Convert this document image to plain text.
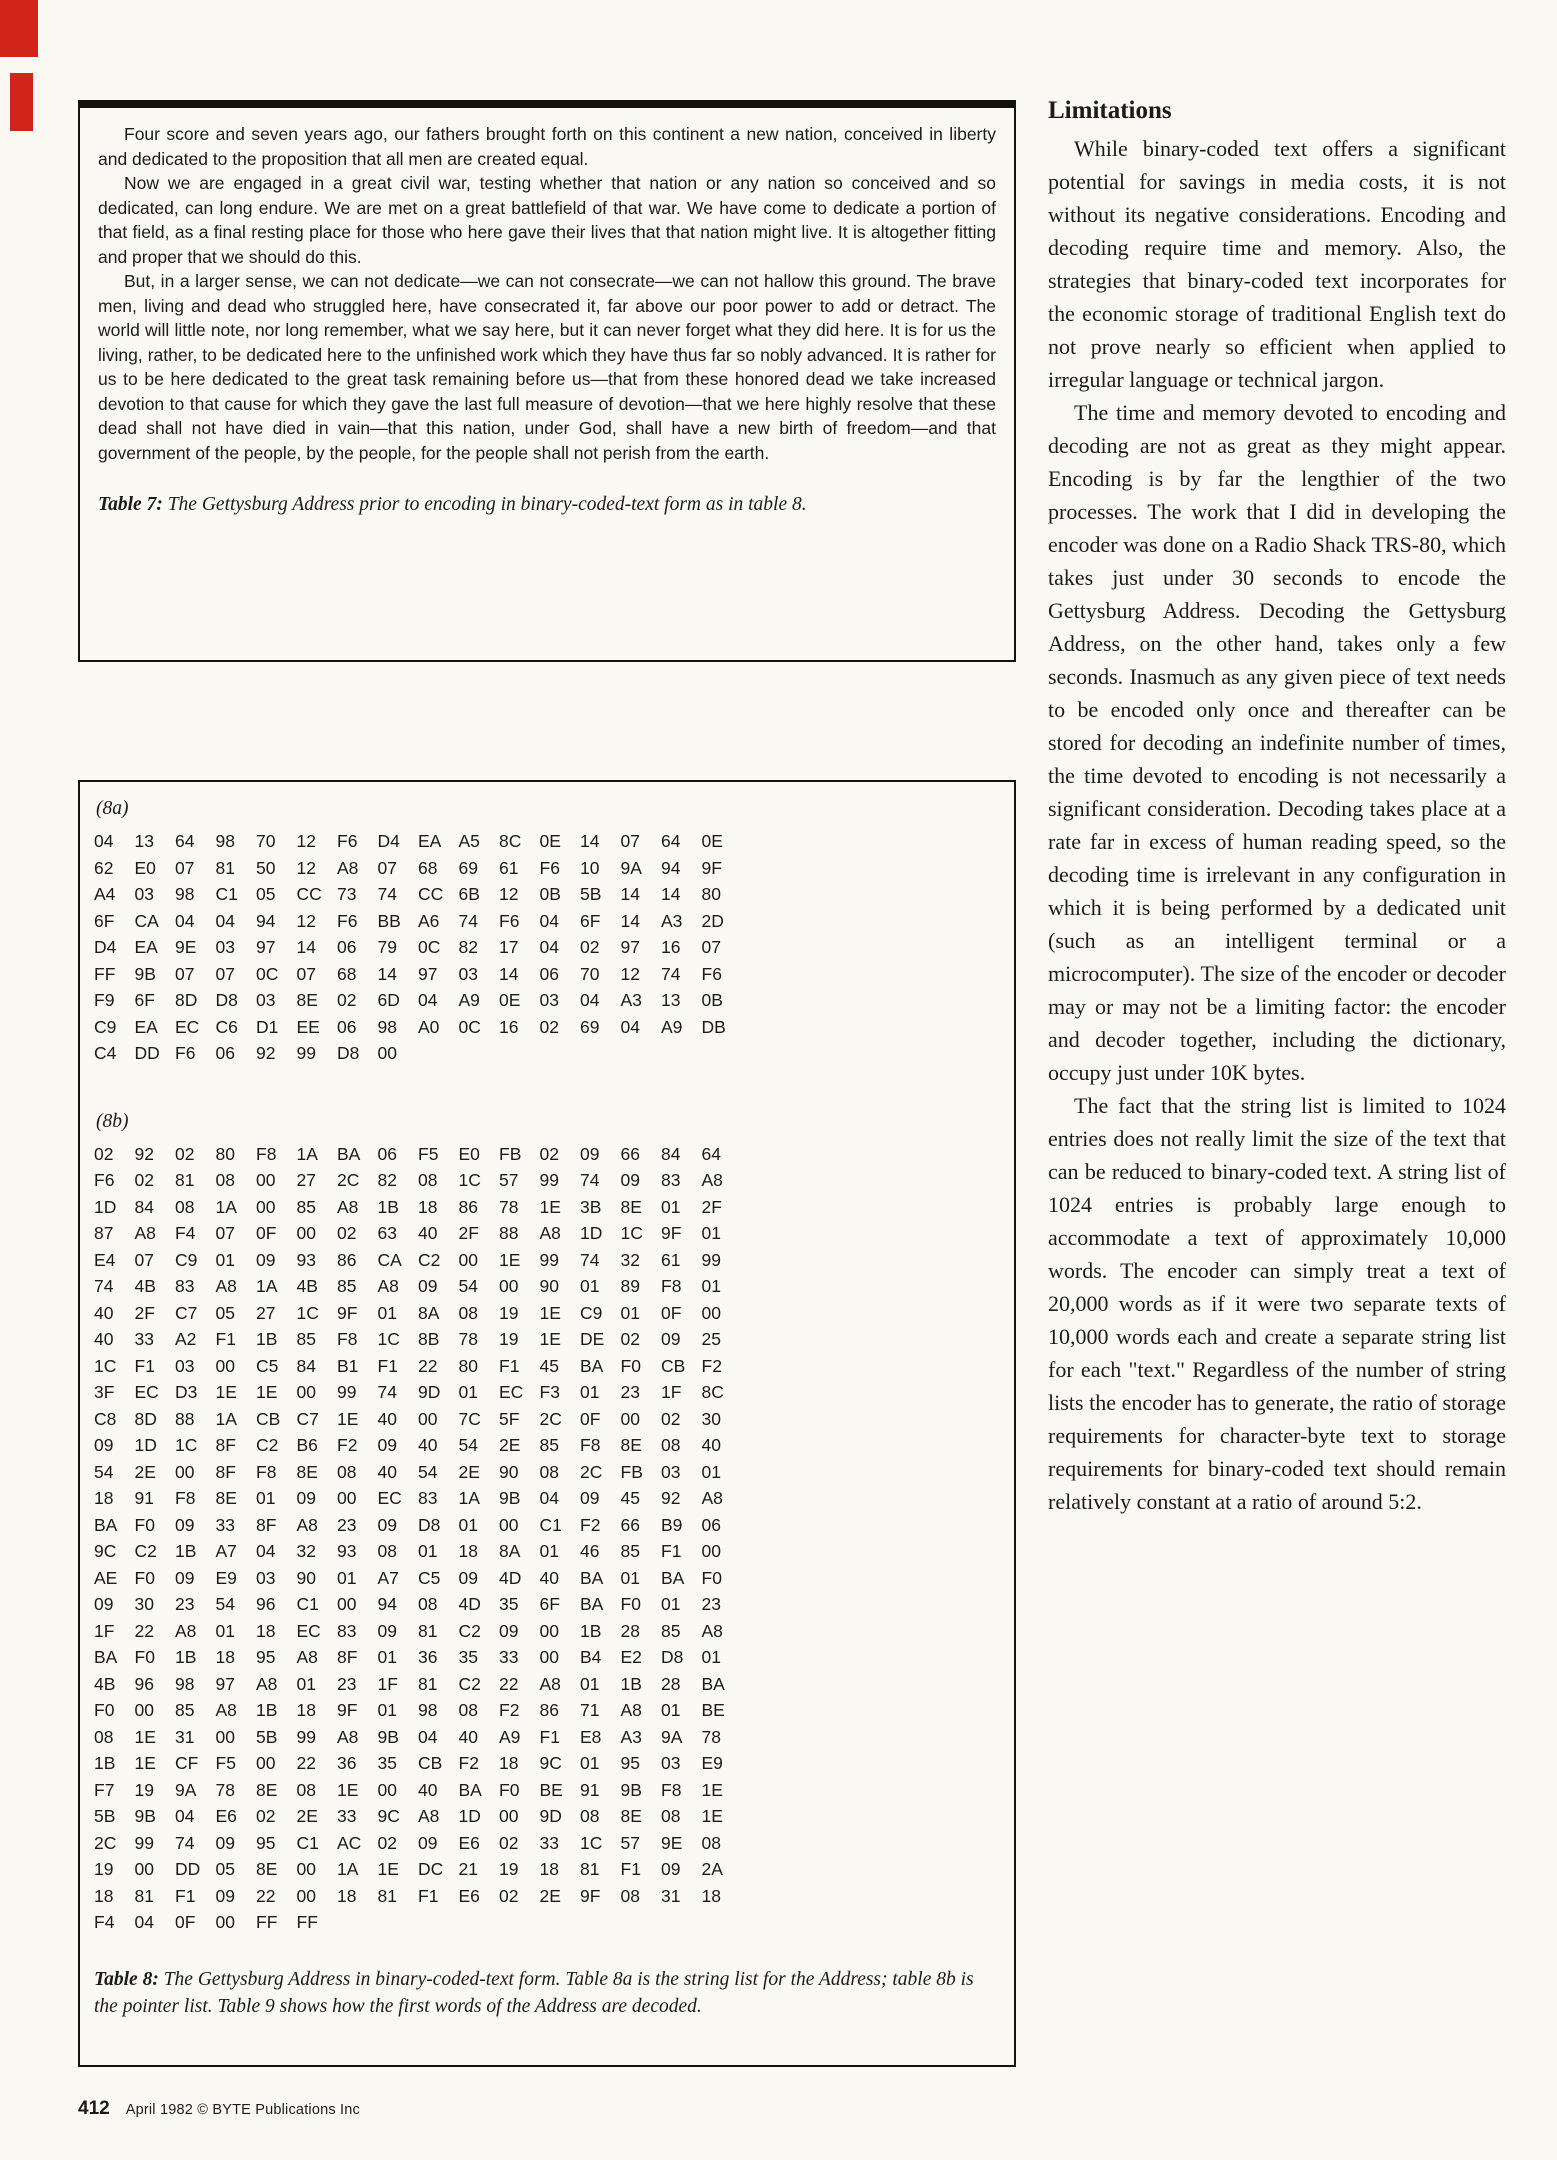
Four score and seven years ago, our fathers brought forth on this continent a new nation, conceived in liberty and dedicated to the proposition that all men are created equal.

Now we are engaged in a great civil war, testing whether that nation or any nation so conceived and so dedicated, can long endure. We are met on a great battlefield of that war. We have come to dedicate a portion of that field, as a final resting place for those who here gave their lives that that nation might live. It is altogether fitting and proper that we should do this.

But, in a larger sense, we can not dedicate—we can not consecrate—we can not hallow this ground. The brave men, living and dead who struggled here, have consecrated it, far above our poor power to add or detract. The world will little note, nor long remember, what we say here, but it can never forget what they did here. It is for us the living, rather, to be dedicated here to the unfinished work which they have thus far so nobly advanced. It is rather for us to be here dedicated to the great task remaining before us—that from these honored dead we take increased devotion to that cause for which they gave the last full measure of devotion—that we here highly resolve that these dead shall not have died in vain—that this nation, under God, shall have a new birth of freedom—and that government of the people, by the people, for the people shall not perish from the earth.

Table 7: The Gettysburg Address prior to encoding in binary-coded-text form as in table 8.

(8a)
04 13 64 98 70 12 F6 D4 EA A5 8C 0E 14 07 64 0E
62 E0 07 81 50 12 A8 07 68 69 61 F6 10 9A 94 9F
A4 03 98 C1 05 CC 73 74 CC 6B 12 0B 5B 14 14 80
6F CA 04 04 94 12 F6 BB A6 74 F6 04 6F 14 A3 2D
D4 EA 9E 03 97 14 06 79 0C 82 17 04 02 97 16 07
FF 9B 07 07 0C 07 68 14 97 03 14 06 70 12 74 F6
F9 6F 8D D8 03 8E 02 6D 04 A9 0E 03 04 A3 13 0B
C9 EA EC C6 D1 EE 06 98 A0 0C 16 02 69 04 A9 DB
C4 DD F6 06 92 99 D8 00
(8b)
02 92 02 80 F8 1A BA 06 F5 E0 FB 02 09 66 84 64
F6 02 81 08 00 27 2C 82 08 1C 57 99 74 09 83 A8
1D 84 08 1A 00 85 A8 1B 18 86 78 1E 3B 8E 01 2F
87 A8 F4 07 0F 00 02 63 40 2F 88 A8 1D 1C 9F 01
E4 07 C9 01 09 93 86 CA C2 00 1E 99 74 32 61 99
74 4B 83 A8 1A 4B 85 A8 09 54 00 90 01 89 F8 01
40 2F C7 05 27 1C 9F 01 8A 08 19 1E C9 01 0F 00
40 33 A2 F1 1B 85 F8 1C 8B 78 19 1E DE 02 09 25
1C F1 03 00 C5 84 B1 F1 22 80 F1 45 BA F0 CB F2
3F EC D3 1E 1E 00 99 74 9D 01 EC F3 01 23 1F 8C
C8 8D 88 1A CB C7 1E 40 00 7C 5F 2C 0F 00 02 30
09 1D 1C 8F C2 B6 F2 09 40 54 2E 85 F8 8E 08 40
54 2E 00 8F F8 8E 08 40 54 2E 90 08 2C FB 03 01
18 91 F8 8E 01 09 00 EC 83 1A 9B 04 09 45 92 A8
BA F0 09 33 8F A8 23 09 D8 01 00 C1 F2 66 B9 06
9C C2 1B A7 04 32 93 08 01 18 8A 01 46 85 F1 00
AE F0 09 E9 03 90 01 A7 C5 09 4D 40 BA 01 BA F0
09 30 23 54 96 C1 00 94 08 4D 35 6F BA F0 01 23
1F 22 A8 01 18 EC 83 09 81 C2 09 00 1B 28 85 A8
BA F0 1B 18 95 A8 8F 01 36 35 33 00 B4 E2 D8 01
4B 96 98 97 A8 01 23 1F 81 C2 22 A8 01 1B 28 BA
F0 00 85 A8 1B 18 9F 01 98 08 F2 86 71 A8 01 BE
08 1E 31 00 5B 99 A8 9B 04 40 A9 F1 E8 A3 9A 78
1B 1E CF F5 00 22 36 35 CB F2 18 9C 01 95 03 E9
F7 19 9A 78 8E 08 1E 00 40 BA F0 BE 91 9B F8 1E
5B 9B 04 E6 02 2E 33 9C A8 1D 00 9D 08 8E 08 1E
2C 99 74 09 95 C1 AC 02 09 E6 02 33 1C 57 9E 08
19 00 DD 05 8E 00 1A 1E DC 21 19 18 81 F1 09 2A
18 81 F1 09 22 00 18 81 F1 E6 02 2E 9F 08 31 18
F4 04 0F 00 FF FF

Table 8: The Gettysburg Address in binary-coded-text form. Table 8a is the string list for the Address; table 8b is the pointer list. Table 9 shows how the first words of the Address are decoded.

412 April 1982 © BYTE Publications Inc
Limitations

While binary-coded text offers a significant potential for savings in media costs, it is not without its negative considerations. Encoding and decoding require time and memory. Also, the strategies that binary-coded text incorporates for the economic storage of traditional English text do not prove nearly so efficient when applied to irregular language or technical jargon.

The time and memory devoted to encoding and decoding are not as great as they might appear. Encoding is by far the lengthier of the two processes. The work that I did in developing the encoder was done on a Radio Shack TRS-80, which takes just under 30 seconds to encode the Gettysburg Address. Decoding the Gettysburg Address, on the other hand, takes only a few seconds. Inasmuch as any given piece of text needs to be encoded only once and thereafter can be stored for decoding an indefinite number of times, the time devoted to encoding is not necessarily a significant consideration. Decoding takes place at a rate far in excess of human reading speed, so the decoding time is irrelevant in any configuration in which it is being performed by a dedicated unit (such as an intelligent terminal or a microcomputer). The size of the encoder or decoder may or may not be a limiting factor: the encoder and decoder together, including the dictionary, occupy just under 10K bytes.

The fact that the string list is limited to 1024 entries does not really limit the size of the text that can be reduced to binary-coded text. A string list of 1024 entries is probably large enough to accommodate a text of approximately 10,000 words. The encoder can simply treat a text of 20,000 words as if it were two separate texts of 10,000 words each and create a separate string list for each "text." Regardless of the number of string lists the encoder has to generate, the ratio of storage requirements for character-byte text to storage requirements for binary-coded text should remain relatively constant at a ratio of around 5:2.
